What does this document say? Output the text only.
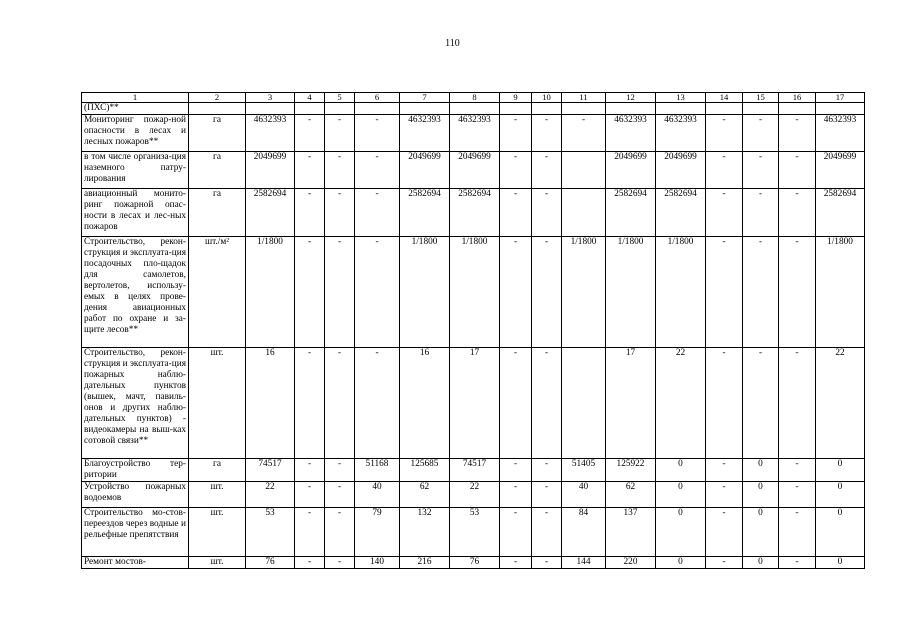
110
1	2	3	4	5	6	7	8	9	10	11	12	13	14	15	16	17
(ПХС)**																
Мониторинг пожар-ной опасности в лесах и лесных пожаров**	га	4632393	-	-	-	4632393	4632393	-	-	-	4632393	4632393	-	-	-	4632393
в том числе организа-ция наземного патру-лирования	га	2049699	-	-	-	2049699	2049699	-	-		2049699	2049699	-	-	-	2049699
авиационный монито-ринг пожарной опас-ности в лесах и лес-ных пожаров	га	2582694	-	-	-	2582694	2582694	-	-		2582694	2582694	-	-	-	2582694
Строительство, рекон-струкция и эксплуата-ция посадочных пло-щадок для самолетов, вертолетов, использу-емых в целях прове-дения авиационных работ по охране и за-щите лесов**	шт./м²	1/1800	-	-	-	1/1800	1/1800	-	-	1/1800	1/1800	1/1800	-	-	-	1/1800
Строительство, рекон-струкция и эксплуата-ция пожарных наблю-дательных пунктов (вышек, мачт, павиль-онов и других наблю-дательных пунктов) - видеокамеры на выш-ках сотовой связи**	шт.	16	-	-	-	16	17	-	-		17	22	-	-	-	22
Благоустройство тер-ритории	га	74517	-	-	51168	125685	74517	-	-	51405	125922	0	-	0	-	0
Устройство пожарных водоемов	шт.	22	-	-	40	62	22	-	-	40	62	0	-	0	-	0
Строительство мо-стов-переездов через водные и рельефные препятствия	шт.	53	-	-	79	132	53	-	-	84	137	0	-	0	-	0
Ремонт мостов-	шт.	76	-	-	140	216	76	-	-	144	220	0	-	0	-	0
